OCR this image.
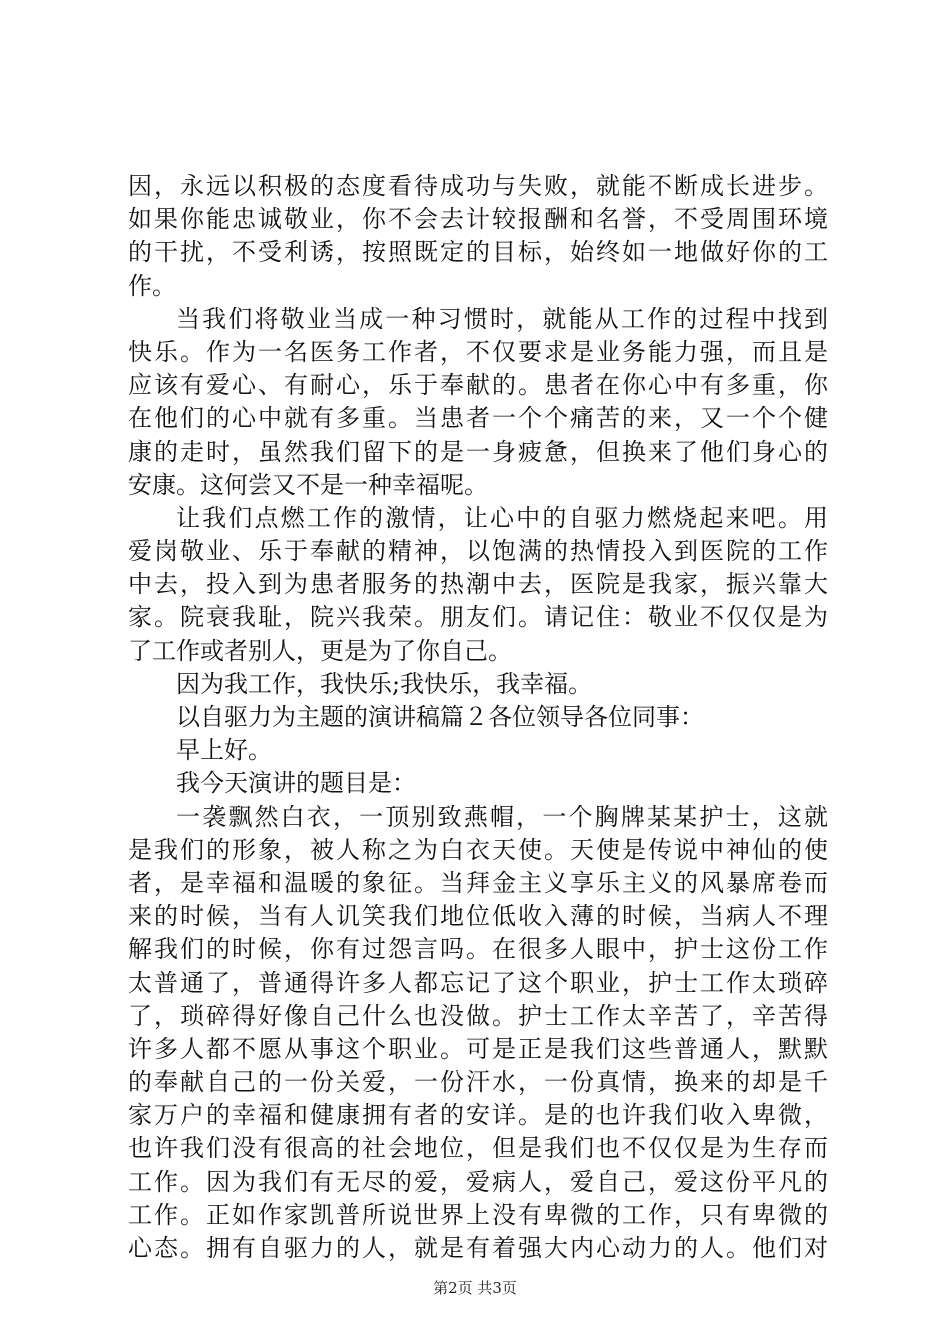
因，永远以积极的态度看待成功与失败，就能不断成长进步。
如果你能忠诚敬业，你不会去计较报酬和名誉，不受周围环境
的干扰，不受利诱，按照既定的目标，始终如一地做好你的工
作。
当我们将敬业当成一种习惯时，就能从工作的过程中找到
快乐。作为一名医务工作者，不仅要求是业务能力强，而且是
应该有爱心、有耐心，乐于奉献的。患者在你心中有多重，你
在他们的心中就有多重。当患者一个个痛苦的来，又一个个健
康的走时，虽然我们留下的是一身疲惫，但换来了他们身心的
安康。这何尝又不是一种幸福呢。
让我们点燃工作的激情，让心中的自驱力燃烧起来吧。用
爱岗敬业、乐于奉献的精神，以饱满的热情投入到医院的工作
中去，投入到为患者服务的热潮中去，医院是我家，振兴靠大
家。院衰我耻，院兴我荣。朋友们。请记住：敬业不仅仅是为
了工作或者别人，更是为了你自己。
因为我工作，我快乐;我快乐，我幸福。
以自驱力为主题的演讲稿篇２各位领导各位同事：
早上好。
我今天演讲的题目是：
一袭飘然白衣，一顶别致燕帽，一个胸牌某某护士，这就
是我们的形象，被人称之为白衣天使。天使是传说中神仙的使
者，是幸福和温暖的象征。当拜金主义享乐主义的风暴席卷而
来的时候，当有人讥笑我们地位低收入薄的时候，当病人不理
解我们的时候，你有过怨言吗。在很多人眼中，护士这份工作
太普通了，普通得许多人都忘记了这个职业，护士工作太琐碎
了，琐碎得好像自己什么也没做。护士工作太辛苦了，辛苦得
许多人都不愿从事这个职业。可是正是我们这些普通人，默默
的奉献自己的一份关爱，一份汗水，一份真情，换来的却是千
家万户的幸福和健康拥有者的安详。是的也许我们收入卑微，
也许我们没有很高的社会地位，但是我们也不仅仅是为生存而
工作。因为我们有无尽的爱，爱病人，爱自己，爱这份平凡的
工作。正如作家凯普所说世界上没有卑微的工作，只有卑微的
心态。拥有自驱力的人，就是有着强大内心动力的人。他们对
第2页 共3页
